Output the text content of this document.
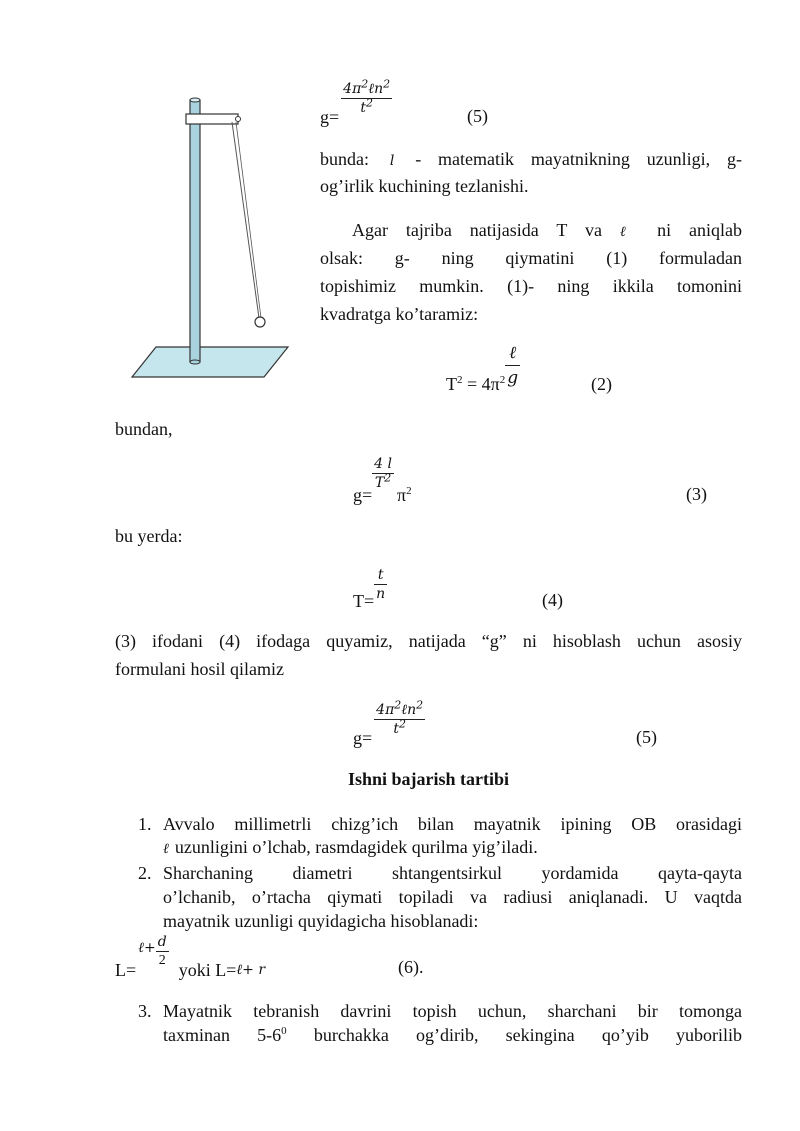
$g= \frac{4\pi^2\ell n^2}{t^2}$	(5)
bunda: l - matematik mayatnikning uzunligi, g-
og’irlik kuchining tezlanishi.
Agar tajriba natijasida T va ℓ ni aniqlab
olsak: g- ning qiymatini (1) formuladan
topishimiz mumkin. (1)- ning ikkila tomonini
kvadratga ko’taramiz:
$T^2 = 4\pi^2 \frac{\text{ℓ}}{g}$	(2)
bundan,
g=
$\frac{4 l}{T^2}$
$\pi^2$	(3)
bu yerda:
$T= \frac{t}{n}$	(4)
(3) ifodani (4) ifodaga quyamiz, natijada “g” ni hisoblash uchun asosiy
formulani hosil qilamiz
$g= \frac{4\pi^2\ell n^2}{t^2}$	(5)
Ishni bajarish tartibi
1. Avvalo millimetrli chizg’ich bilan mayatnik ipining OB orasidagi
ℓ uzunligini o’lchab, rasmdagidek qurilma yig’iladi.
2. Sharchaning diametri shtangentsirkul yordamida qayta-qayta
o’lchanib, o’rtacha qiymati topiladi va radiusi aniqlanadi. U vaqtda
mayatnik uzunligi quyidagicha hisoblanadi:
L=ℓ+ $\frac{d}{2}$ yoki $L=_{\ell+ r}$	(6).
3. Mayatnik tebranish davrini topish uchun, sharchani bir tomonga
taxminan $5-6^0$ burchakka og’dirib, sekingina qo’yib yuborilib
